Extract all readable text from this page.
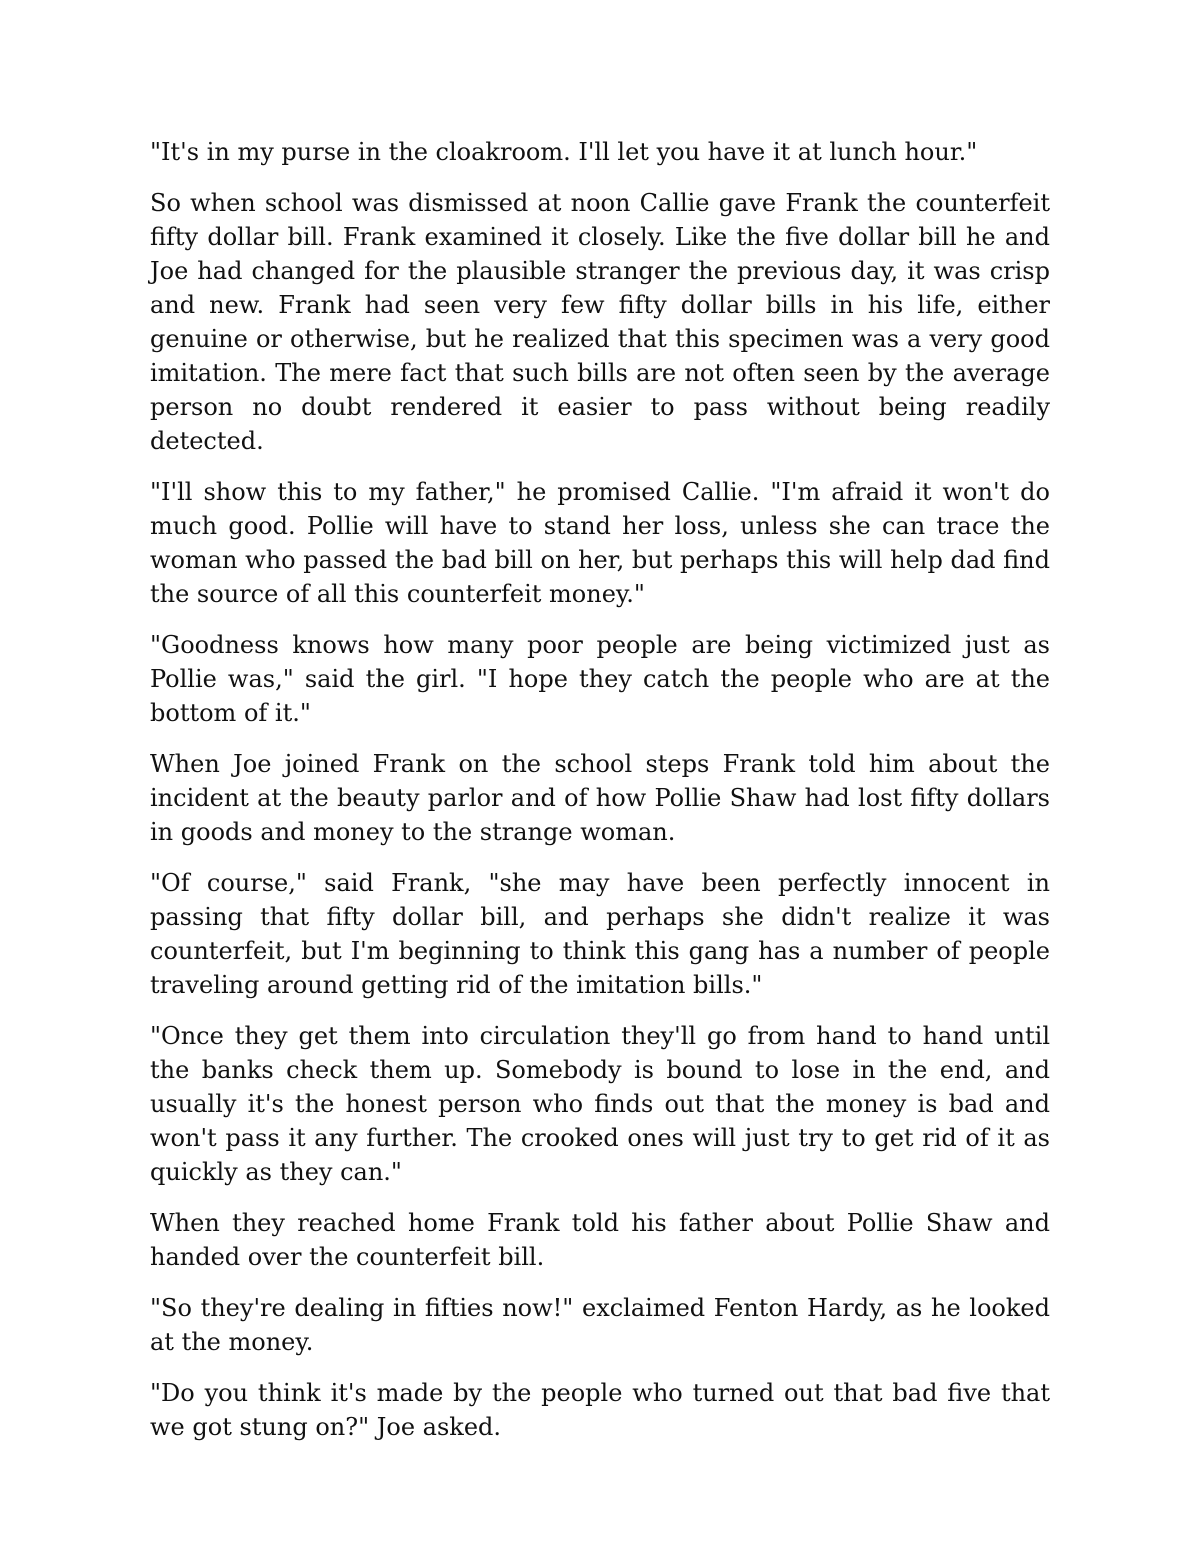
"It's in my purse in the cloakroom. I'll let you have it at lunch hour."

So when school was dismissed at noon Callie gave Frank the counterfeit fifty dollar bill. Frank examined it closely. Like the five dollar bill he and Joe had changed for the plausible stranger the previous day, it was crisp and new. Frank had seen very few fifty dollar bills in his life, either genuine or otherwise, but he realized that this specimen was a very good imitation. The mere fact that such bills are not often seen by the average person no doubt rendered it easier to pass without being readily detected.

"I'll show this to my father," he promised Callie. "I'm afraid it won't do much good. Pollie will have to stand her loss, unless she can trace the woman who passed the bad bill on her, but perhaps this will help dad find the source of all this counterfeit money."

"Goodness knows how many poor people are being victimized just as Pollie was," said the girl. "I hope they catch the people who are at the bottom of it."

When Joe joined Frank on the school steps Frank told him about the incident at the beauty parlor and of how Pollie Shaw had lost fifty dollars in goods and money to the strange woman.

"Of course," said Frank, "she may have been perfectly innocent in passing that fifty dollar bill, and perhaps she didn't realize it was counterfeit, but I'm beginning to think this gang has a number of people traveling around getting rid of the imitation bills."

"Once they get them into circulation they'll go from hand to hand until the banks check them up. Somebody is bound to lose in the end, and usually it's the honest person who finds out that the money is bad and won't pass it any further. The crooked ones will just try to get rid of it as quickly as they can."

When they reached home Frank told his father about Pollie Shaw and handed over the counterfeit bill.

"So they're dealing in fifties now!" exclaimed Fenton Hardy, as he looked at the money.

"Do you think it's made by the people who turned out that bad five that we got stung on?" Joe asked.
